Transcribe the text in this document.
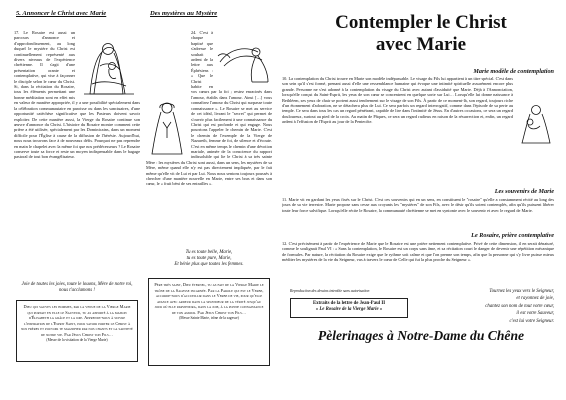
5. Annoncer le Christ avec Marie
17. Le Rosaire est aussi un parcours d'annonce et d'approfondissement, au long duquel le mystère du Christ est continuellement représenté aux divers niveaux de l'expérience chrétienne. Il s'agit d'une présentation orante et contemplative, qui vise à façonner le disciple selon le cœur du Christ. Si, dans la récitation du Rosaire, tous les éléments permettant une bonne méditation sont en effet mis en valeur de manière appropriée, il y a une possibilité spécialement dans la célébration communautaire en paroisse ou dans les sanctuaires, d'une opportunité catéchèse significative que les Pasteurs doivent savoir exploiter. De cette manière aussi, la Vierge du Rosaire continue son œuvre d'annonce du Christ. L'histoire du Rosaire montre comment cette prière a été utilisée, spécialement par les Dominicains, dans un moment difficile pour l'Église à cause de la diffusion de l'hérésie. Aujourd'hui, nous nous trouvons face à de nouveaux défis. Pourquoi ne pas reprendre en main le chapelet avec la même foi que nos prédécesseurs ? Le Rosaire conserve toute sa force et reste un moyen indispensable dans le bagage pastoral de tout bon évangélisateur.
Joie de toutes les joies, toute le louons, Mère de notre roi, nous t'acclamons !
Dieu qui sauves les hommes, par la venue de la Vierge Marie qui portait en elle le Sauveur, tu as apporté à la maison d'Élisabeth la grâce et la joie. Apprends-nous à suivre l'inspiration de l'Esprit Saint, pour savoir porter le Christ à nos frères et pouvoir te magnifier par nos chants et la sainteté de notre vie. Par Jésus Christ ton Fils…
(Messe de la visitation de la Vierge Marie)
Des mystères au Mystère
24. C'est à chaque baptisé que s'adresse le souhait ardent de la lettre aux Éphésiens : « Que le Christ habite en vos cœurs par la foi ; restez enracinés dans l'amour, établis dans l'amour. Ainsi […] vous connaîtrez l'amour du Christ qui surpasse toute connaissance ». Le Rosaire se met au service de cet idéal, livrant le "secret" qui permet de s'ouvrir plus facilement à une connaissance du Christ qui est profonde et qui engage. Nous pourrions l'appeler le chemin de Marie. C'est le chemin de l'exemple de la Vierge de Nazareth, femme de foi, de silence et d'écoute. C'est en même temps le chemin d'une dévotion mariale, animée de la conscience du rapport indissoluble qui lie le Christ à sa très sainte Mère : les mystères du Christ sont aussi, dans un sens, les mystères de sa Mère, même quand elle n'y est pas directement impliquée, par le fait même qu'elle vit de Lui et par Lui. Nous nous sentons toujours poussés à chercher d'une manière nouvelle en Marie, entre ses bras et dans son cœur, le « fruit béni de ses entrailles ».
Tu es toute belle, Marie,
tu es toute pure, Marie,
Et bénie plus que toutes les femmes.
Père très saint, Dieu éternel, tu as fait de la Vierge Marie le trône de la Sagesse incarnée. Par la Parole qui est le Verbe, accorde-nous d'accueillir dans le Verbe de vie, pour qu'elle avance avec ardeur dans la splendeur de la vérité jusqu'au jour où elle parviendra, dans la joie, à la pleine connaissance de ton amour. Par Jésus Christ ton Fils…
(Messe Sainte Marie, trône de la sagesse)
Contempler le Christ
avec Marie
Marie modèle de contemplation
10. La contemplation du Christ trouve en Marie son modèle indépassable. Le visage du Fils lui appartient à un titre spécial. C'est dans son sein qu'il s'est formé, prenant aussi d'elle une ressemblance humaine qui évoque une intimité spirituelle assurément encore plus grande. Personne ne s'est adonné à la contemplation du visage du Christ avec autant d'assiduité que Marie. Déjà à l'Annonciation, lorsqu'elle conçut du Saint-Esprit, les yeux de son cœur se concentrent en quelque sorte sur Lui… Lorsqu'elle lui donne naissance à Bethléem, ses yeux de chair se portent aussi tendrement sur le visage de son Fils. À partir de ce moment-là, son regard, toujours riche d'un étonnement d'adoration, ne se détachera plus de Lui. Ce sera parfois un regard interrogatif, comme dans l'épisode de sa perte au temple. Ce sera dans tous les cas un regard pénétrant, capable de lire dans l'intimité de Jésus. En d'autres occasions, ce sera un regard douloureux, surtout au pied de la croix. Au matin de Pâques, ce sera un regard radieux en raison de la résurrection et, enfin, un regard ardent à l'effusion de l'Esprit au jour de la Pentecôte.
Les souvenirs de Marie
11. Marie vit en gardant les yeux fixés sur le Christ. C'est ces souvenirs qui en un sens, en constituent le "rosaire" qu'elle a constamment récité au long des jours de sa vie terrestre. Marie propose sans cesse aux croyants les "mystères" de son Fils, avec le désir qu'ils soient contemplés, afin qu'ils puissent libérer toute leur force salvifique. Lorsqu'elle récite le Rosaire, la communauté chrétienne se met en syntonie avec le souvenir et avec le regard de Marie.
Le Rosaire, prière contemplative
12. C'est précisément à partir de l'expérience de Marie que le Rosaire est une prière nettement contemplative. Privé de cette dimension, il en serait dénaturé, comme le soulignait Paul VI : « Sans la contemplation, le Rosaire est un corps sans âme, et sa récitation court le danger de devenir une répétition mécanique de formules. Par nature, la récitation du Rosaire exige que le rythme soit calme et que l'on prenne son temps, afin que la personne qui s'y livre puisse mieux méditer les mystères de la vie du Seigneur, vus à travers le cœur de Celle qui fut la plus proche du Seigneur ».
Reproduction des dessins interdite sans autorisation
Extraits de la lettre de Jean-Paul II
« Le Rosaire de la Vierge Marie »
Tournez les yeux vers le Seigneur,
et rayonnez de joie,
chantez son nom de tout votre cœur,
il est votre Sauveur,
c'est lui votre Seigneur.
Pèlerinages à Notre-Dame du Chêne
